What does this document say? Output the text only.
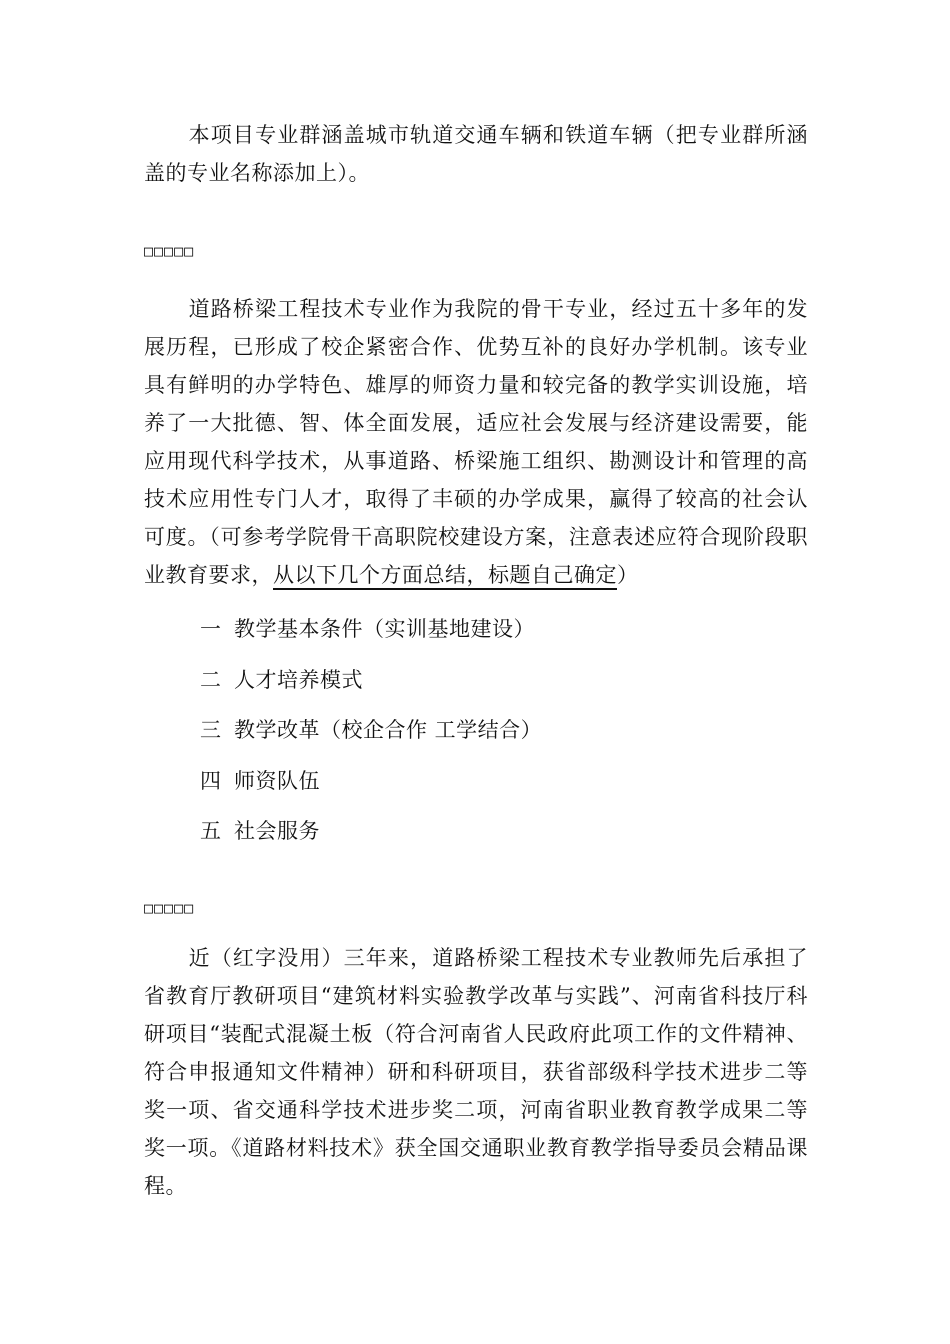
本项目专业群涵盖城市轨道交通车辆和铁道车辆（把专业群所涵盖的专业名称添加上）。

□□□□□

道路桥梁工程技术专业作为我院的骨干专业，经过五十多年的发展历程，已形成了校企紧密合作、优势互补的良好办学机制。该专业具有鲜明的办学特色、雄厚的师资力量和较完备的教学实训设施，培养了一大批德、智、体全面发展，适应社会发展与经济建设需要，能应用现代科学技术，从事道路、桥梁施工组织、勘测设计和管理的高技术应用性专门人才，取得了丰硕的办学成果，赢得了较高的社会认可度。（可参考学院骨干高职院校建设方案，注意表述应符合现阶段职业教育要求，从以下几个方面总结，标题自己确定）

一 教学基本条件（实训基地建设）

二 人才培养模式

三 教学改革（校企合作 工学结合）

四 师资队伍

五 社会服务

□□□□□

近（红字没用）三年来，道路桥梁工程技术专业教师先后承担了省教育厅教研项目“建筑材料实验教学改革与实践”、河南省科技厅科研项目“装配式混凝土板（符合河南省人民政府此项工作的文件精神、符合申报通知文件精神）研和科研项目，获省部级科学技术进步二等奖一项、省交通科学技术进步奖二项，河南省职业教育教学成果二等奖一项。《道路材料技术》获全国交通职业教育教学指导委员会精品课程。
